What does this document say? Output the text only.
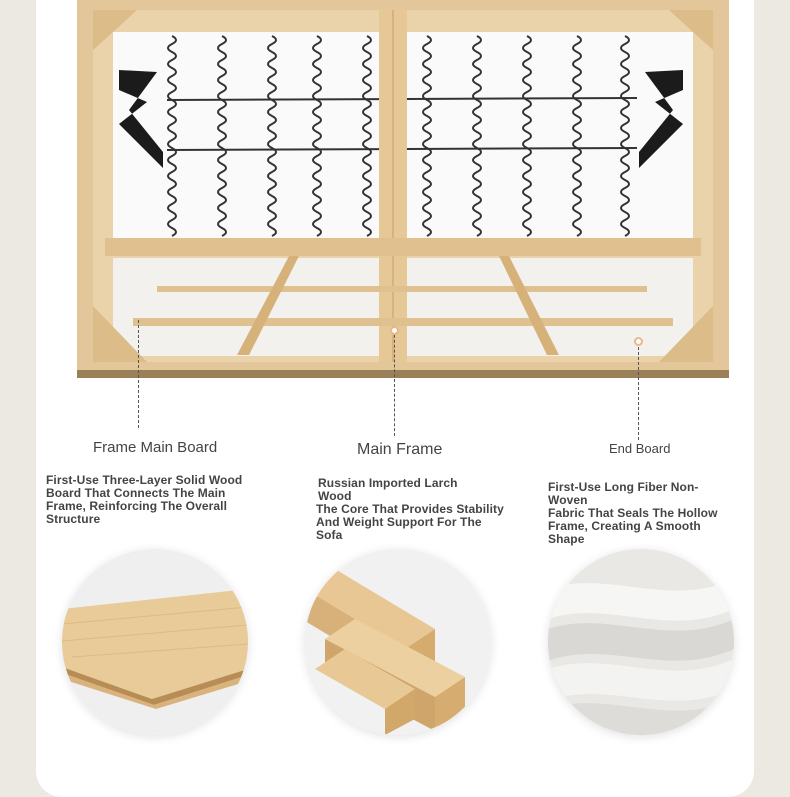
Frame Main Board	Main Frame	End Board
First-Use Three-Layer Solid Wood
Board That Connects The Main
Frame, Reinforcing The Overall
Structure
Russian Imported Larch
Wood
The Core That Provides Stability
And Weight Support For The Sofa
First-Use Long Fiber Non-Woven
Fabric That Seals The Hollow
Frame, Creating A Smooth Shape
